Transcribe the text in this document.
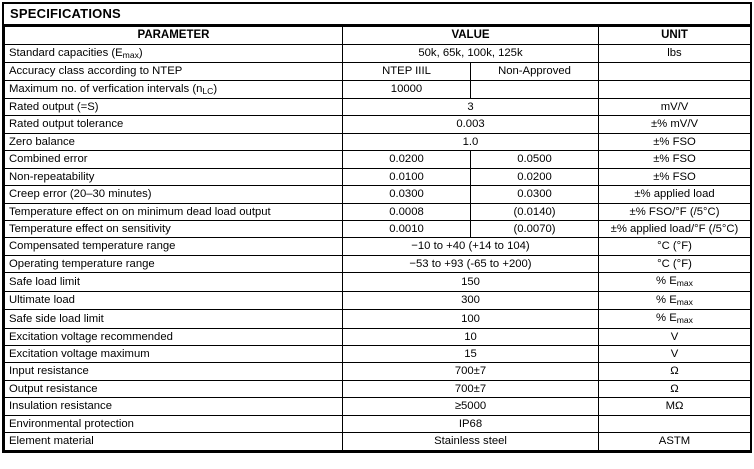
SPECIFICATIONS
PARAMETER	VALUE		UNIT
Standard capacities $(E_{max})$	50k, 65k, 100k, 125k		lbs
Accuracy class according to NTEP	NTEP IIIL	Non-Approved	
Maximum no. of verfication intervals $(n_{LC})$	10000		
Rated output (=S)	3		mV/V
Rated output tolerance	0.003		±% mV/V
Zero balance	1.0		±% FSO
Combined error	0.0200	0.0500	±% FSO
Non-repeatability	0.0100	0.0200	±% FSO
Creep error (20–30 minutes)	0.0300	0.0300	±% applied load
Temperature effect on on minimum dead load output	0.0008	(0.0140)	±% FSO/°F (/5°C)
Temperature effect on sensitivity	0.0010	(0.0070)	±% applied load/°F (/5°C)
Compensated temperature range	−10 to +40 (+14 to 104)		°C (°F)
Operating temperature range	−53 to +93 (-65 to +200)		°C (°F)
Safe load limit	150		% $E_{max}$
Ultimate load	300		% $E_{max}$
Safe side load limit	100		% $E_{max}$
Excitation voltage recommended	10		V
Excitation voltage maximum	15		V
Input resistance	700±7		Ω
Output resistance	700±7		Ω
Insulation resistance	≥5000		MΩ
Environmental protection	IP68		
Element material	Stainless steel		ASTM
